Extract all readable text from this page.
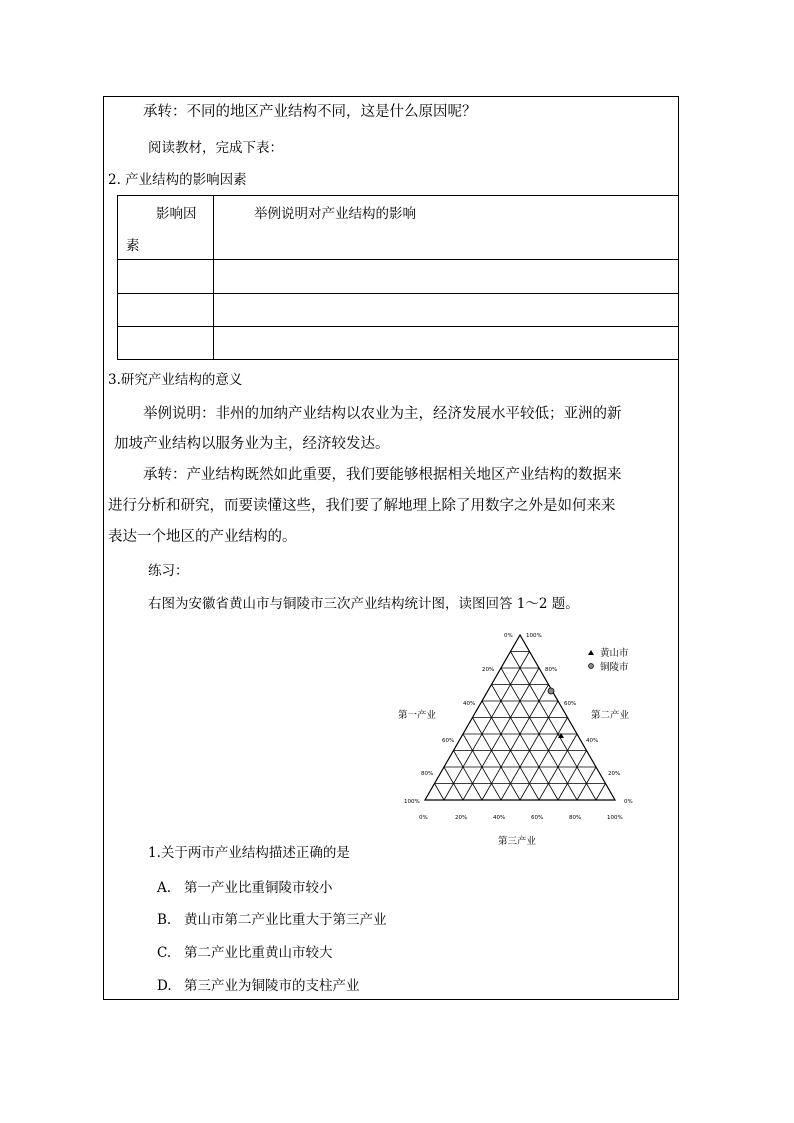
承转：不同的地区产业结构不同，这是什么原因呢？
阅读教材，完成下表：
2. 产业结构的影响因素
影响因
素	举例说明对产业结构的影响

3.研究产业结构的意义
举例说明：非州的加纳产业结构以农业为主，经济发展水平较低；亚洲的新
加坡产业结构以服务业为主，经济较发达。
承转：产业结构既然如此重要，我们要能够根据相关地区产业结构的数据来
进行分析和研究，而要读懂这些，我们要了解地理上除了用数字之外是如何来来
表达一个地区的产业结构的。
练习：
右图为安徽省黄山市与铜陵市三次产业结构统计图，读图回答 1～2 题。
黄山市
铜陵市
第一产业	第二产业
第三产业
0% 100%
20%
40%
60%
80%
100%
80%
60%
40%
20%
0%
0%	20%	40%	60%	80%	100%
1.关于两市产业结构描述正确的是
A. 第一产业比重铜陵市较小
B. 黄山市第二产业比重大于第三产业
C. 第二产业比重黄山市较大
D. 第三产业为铜陵市的支柱产业
